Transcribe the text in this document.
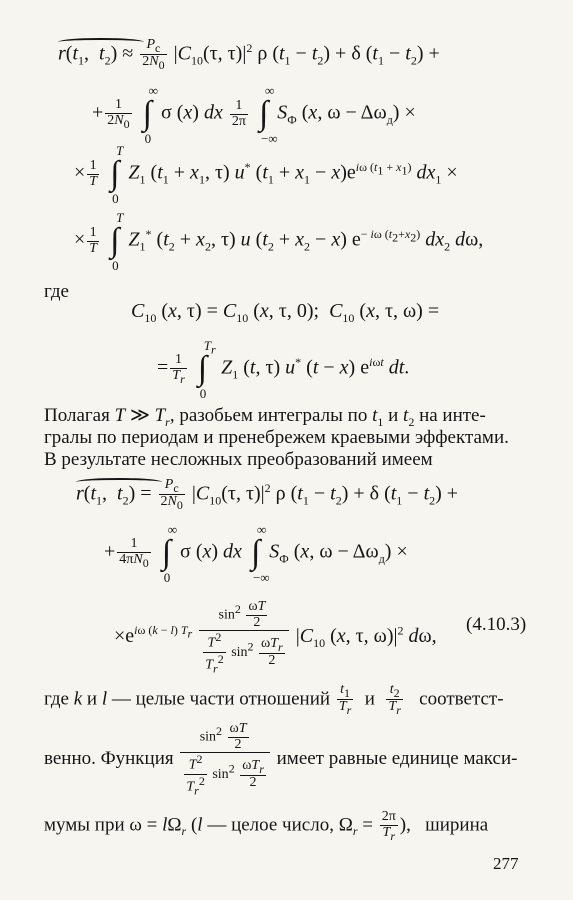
$r(t_1$,  $t_2) \approx \frac{P_c}{2N_0} |C_{10}(\tau$, $\tau)|^2$ ρ $(t_1 - t_2) + \delta$ $(t_1 - t_2)$ +
+ $\frac{1}{2N_0}$ ∫
∞
0
σ (x) dx $\frac{1}{2\pi}$ ∫
∞
−∞
$S_Ф$ (x, $\omega - \Delta\omega_д$) ×
× $\frac{1}{T}$ ∫
T
0
$Z_1$ ($t_1 + x_1$, τ) u* $(t_1 + x_1 - x)e^{i\omega (t_1 + x_1)}$ $dx_1$ ×
× $\frac{1}{T}$ ∫
T
0
$Z_1^*$ ($t_2 + x_2$, τ) u $(t_2 + x_2 - x)$ $e^{- i\omega (t_2+x_2)}$ $dx_2$ dω,
где
$C_{10}$ (x, $\tau) = C_{10}$ (x, τ, 0);  $C_{10}$ (x, τ, ω) =
= $\frac{1}{T_r}$ ∫
$T_r$
0
$Z_1$ (t, τ) u* (t − x) $e^{i\omega t}$ dt.
Полагая T ≫ $T_r$, разобьем интегралы по $t_1$ и $t_2$ на инте-
гралы по периодам и пренебрежем краевыми эффектами.
В результате несложных преобразований имеем
$r(t_1$,  $t_2) = \frac{P_c}{2N_0} |C_{10}(\tau$, $\tau)|^2$ ρ $(t_1 - t_2) + \delta$ $(t_1 - t_2)$ +
+ $\frac{1}{4\pi N_0}$ ∫
∞
0
σ (x) dx ∫
∞
−∞
$S_Ф$ (x, $\omega - \Delta\omega_д$) ×
$\times e^{i\omega (k - l) T_r} \frac{\sin^2 \frac{\omega T}{2}}{\frac{T^2}{T_r^2} \sin^2 \frac{\omega T_r}{2}} |C_{10}$ (x, τ, $\omega)|^2$ dω,
(4.10.3)
где k и l — целые части отношений $\frac{t_1}{T_r}$ и $\frac{t_2}{T_r}$ соответст-
венно. Функция $\frac{\sin^2 \frac{\omega T}{2}}{\frac{T^2}{T_r^2} \sin^2 \frac{\omega T_r}{2}}$ имеет равные единице макси-
мумы при $\omega = l\Omega_r$ (l — целое число, $\Omega_r = \frac{2\pi}{T_r}$ ),   ширина
277
